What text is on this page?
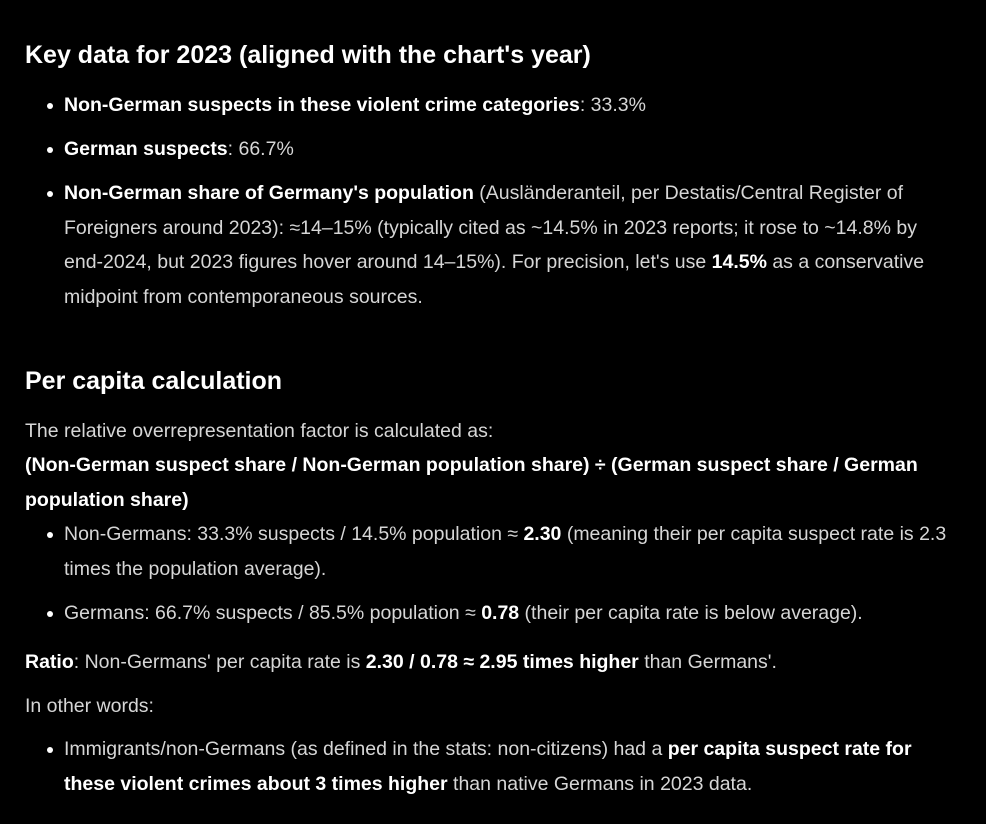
Key data for 2023 (aligned with the chart's year)
Non-German suspects in these violent crime categories: 33.3%
German suspects: 66.7%
Non-German share of Germany's population (Ausländeranteil, per Destatis/Central Register of Foreigners around 2023): ≈14–15% (typically cited as ~14.5% in 2023 reports; it rose to ~14.8% by end-2024, but 2023 figures hover around 14–15%). For precision, let's use 14.5% as a conservative midpoint from contemporaneous sources.
Per capita calculation

The relative overrepresentation factor is calculated as:

(Non-German suspect share / Non-German population share) ÷ (German suspect share / German population share)

Non-Germans: 33.3% suspects / 14.5% population ≈ 2.30 (meaning their per capita suspect rate is 2.3 times the population average).
Germans: 66.7% suspects / 85.5% population ≈ 0.78 (their per capita rate is below average).

Ratio: Non-Germans' per capita rate is 2.30 / 0.78 ≈ 2.95 times higher than Germans'.

In other words:

Immigrants/non-Germans (as defined in the stats: non-citizens) had a per capita suspect rate for these violent crimes about 3 times higher than native Germans in 2023 data.
